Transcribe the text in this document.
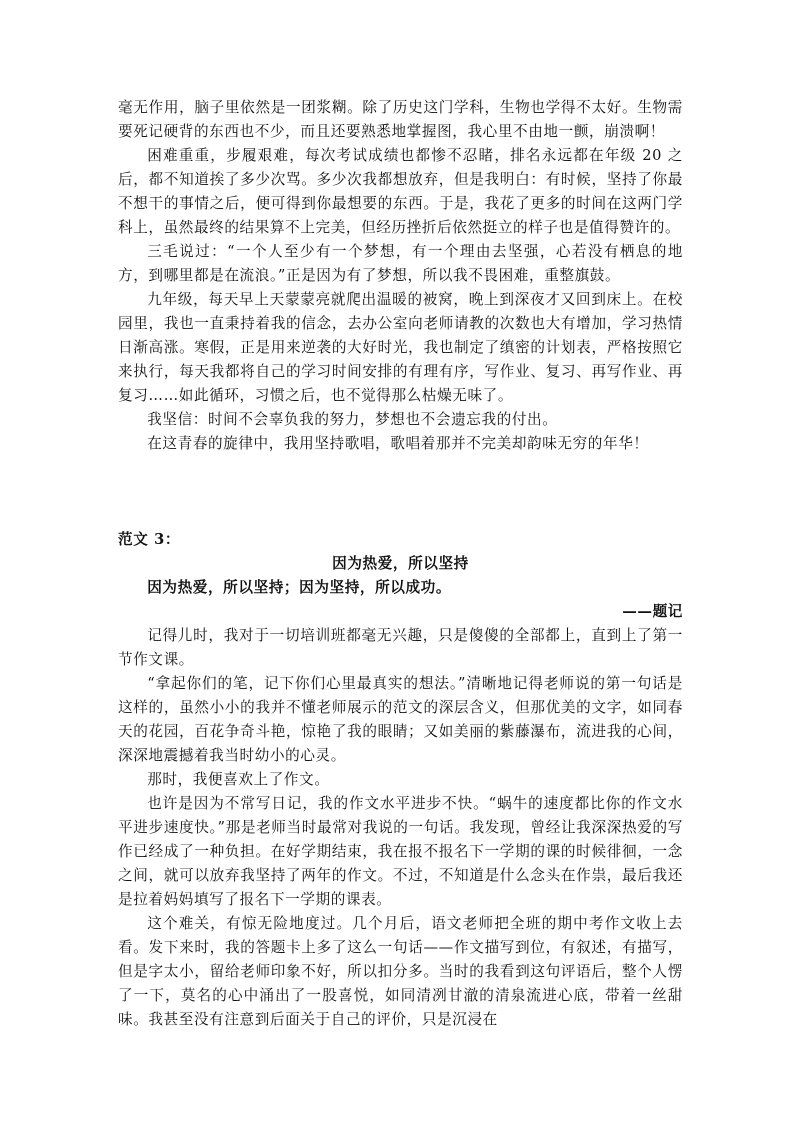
毫无作用，脑子里依然是一团浆糊。除了历史这门学科，生物也学得不太好。生物需要死记硬背的东西也不少，而且还要熟悉地掌握图，我心里不由地一颤，崩溃啊！

困难重重，步履艰难，每次考试成绩也都惨不忍睹，排名永远都在年级 20 之后，都不知道挨了多少次骂。多少次我都想放弃，但是我明白：有时候，坚持了你最不想干的事情之后，便可得到你最想要的东西。于是，我花了更多的时间在这两门学科上，虽然最终的结果算不上完美，但经历挫折后依然挺立的样子也是值得赞许的。

三毛说过：“一个人至少有一个梦想，有一个理由去坚强，心若没有栖息的地方，到哪里都是在流浪。”正是因为有了梦想，所以我不畏困难，重整旗鼓。

九年级，每天早上天蒙蒙亮就爬出温暖的被窝，晚上到深夜才又回到床上。在校园里，我也一直秉持着我的信念，去办公室向老师请教的次数也大有增加，学习热情日渐高涨。寒假，正是用来逆袭的大好时光，我也制定了缜密的计划表，严格按照它来执行，每天我都将自己的学习时间安排的有理有序，写作业、复习、再写作业、再复习……如此循环，习惯之后，也不觉得那么枯燥无味了。

我坚信：时间不会辜负我的努力，梦想也不会遗忘我的付出。

在这青春的旋律中，我用坚持歌唱，歌唱着那并不完美却韵味无穷的年华！

范文 3：

因为热爱，所以坚持

因为热爱，所以坚持；因为坚持，所以成功。

——题记

记得儿时，我对于一切培训班都毫无兴趣，只是傻傻的全部都上，直到上了第一节作文课。

“拿起你们的笔，记下你们心里最真实的想法。”清晰地记得老师说的第一句话是这样的，虽然小小的我并不懂老师展示的范文的深层含义，但那优美的文字，如同春天的花园，百花争奇斗艳，惊艳了我的眼睛；又如美丽的紫藤瀑布，流进我的心间，深深地震撼着我当时幼小的心灵。

那时，我便喜欢上了作文。

也许是因为不常写日记，我的作文水平进步不快。“蜗牛的速度都比你的作文水平进步速度快。”那是老师当时最常对我说的一句话。我发现，曾经让我深深热爱的写作已经成了一种负担。在好学期结束，我在报不报名下一学期的课的时候徘徊，一念之间，就可以放弃我坚持了两年的作文。不过，不知道是什么念头在作祟，最后我还是拉着妈妈填写了报名下一学期的课表。

这个难关，有惊无险地度过。几个月后，语文老师把全班的期中考作文收上去看。发下来时，我的答题卡上多了这么一句话——作文描写到位，有叙述，有描写，但是字太小，留给老师印象不好，所以扣分多。当时的我看到这句评语后，整个人愣了一下，莫名的心中涌出了一股喜悦，如同清冽甘澈的清泉流进心底，带着一丝甜味。我甚至没有注意到后面关于自己的评价，只是沉浸在
